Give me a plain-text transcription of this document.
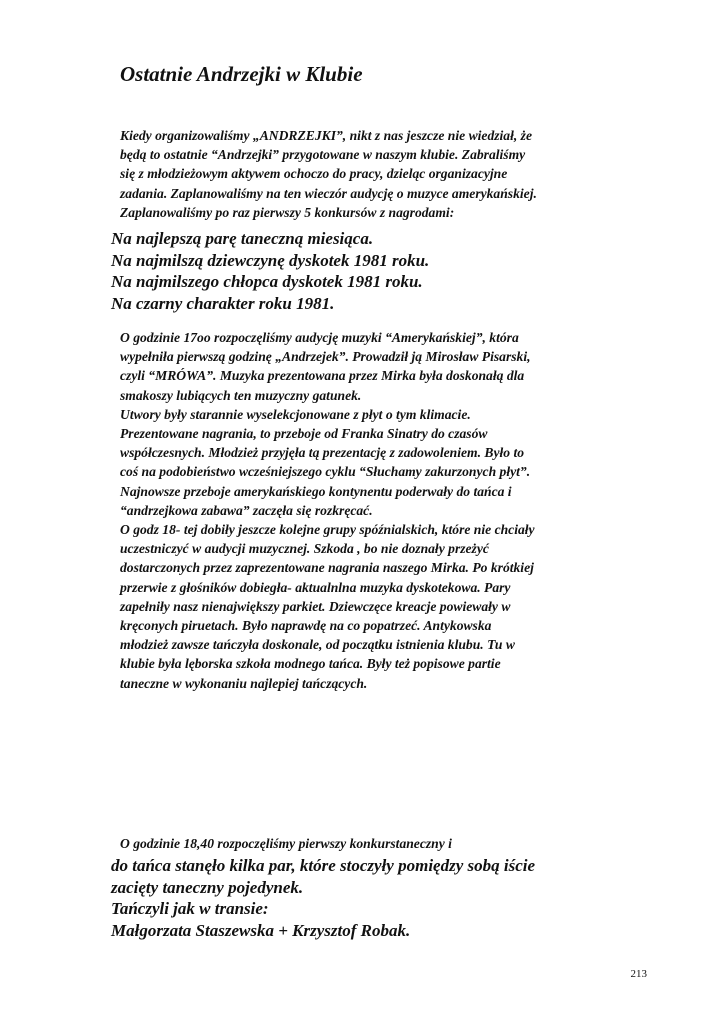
Ostatnie Andrzejki w Klubie
Kiedy organizowaliśmy „ANDRZEJKI”, nikt z nas jeszcze nie wiedział, że
będą to ostatnie “Andrzejki” przygotowane w naszym klubie. Zabraliśmy
się z młodzieżowym aktywem ochoczo do pracy, dzieląc organizacyjne
zadania. Zaplanowaliśmy na ten wieczór audycję o muzyce amerykańskiej.
Zaplanowaliśmy po raz pierwszy 5 konkursów z nagrodami:
Na najlepszą parę taneczną miesiąca.
Na najmilszą dziewczynę dyskotek 1981 roku.
Na najmilszego chłopca dyskotek 1981 roku.
Na czarny charakter roku 1981.
O godzinie 17oo rozpoczęliśmy audycję muzyki “Amerykańskiej”, która
wypełniła pierwszą godzinę „Andrzejek”. Prowadził ją Mirosław Pisarski,
czyli “MRÓWA”. Muzyka prezentowana przez Mirka była doskonałą dla
smakoszy lubiących ten muzyczny gatunek.
Utwory były starannie wyselekcjonowane z płyt o tym klimacie.
Prezentowane nagrania, to przeboje od Franka Sinatry do czasów
współczesnych. Młodzież przyjęła tą prezentację z zadowoleniem. Było to
coś na podobieństwo wcześniejszego cyklu “Słuchamy zakurzonych płyt”.
Najnowsze przeboje amerykańskiego kontynentu poderwały do tańca i
“andrzejkowa zabawa” zaczęła się rozkręcać.
O godz 18- tej dobiły jeszcze kolejne grupy spóźnialskich, które nie chciały
uczestniczyć w audycji muzycznej. Szkoda , bo nie doznały przeżyć
dostarczonych przez zaprezentowane nagrania naszego Mirka. Po krótkiej
przerwie z głośników dobiegła- aktualnlna muzyka dyskotekowa. Pary
zapełniły nasz nienajwiększy parkiet. Dziewczęce kreacje powiewały w
kręconych piruetach. Było naprawdę na co popatrzeć. Antykowska
młodzież zawsze tańczyła doskonale, od początku istnienia klubu. Tu w
klubie była lęborska szkoła modnego tańca. Były też popisowe partie
taneczne w wykonaniu najlepiej tańczących.
O godzinie 18,40 rozpoczęliśmy pierwszy konkurstaneczny i
do tańca stanęło kilka par, które stoczyły pomiędzy sobą iście
zacięty taneczny pojedynek.
Tańczyli jak w transie:
Małgorzata Staszewska + Krzysztof Robak.

213
